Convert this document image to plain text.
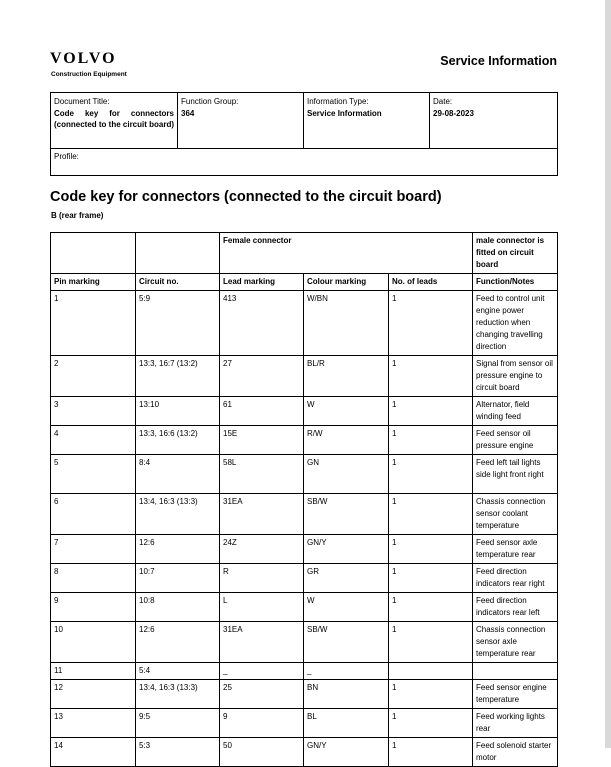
VOLVO
Construction Equipment
Service Information
Document Title:
Code key for connectors (connected to the circuit board)
Function Group:
364
Information Type:
Service Information
Date:
29-08-2023
Profile:
Code key for connectors (connected to the circuit board)
B (rear frame)
		Female connector			male connector is fitted on circuit board
Pin marking	Circuit no.	Lead marking	Colour marking	No. of leads	Function/Notes
1	5:9	413	W/BN	1	Feed to control unit engine power reduction when changing travelling direction
2	13:3, 16:7 (13:2)	27	BL/R	1	Signal from sensor oil pressure engine to circuit board
3	13:10	61	W	1	Alternator, field winding feed
4	13:3, 16:6 (13:2)	15E	R/W	1	Feed sensor oil pressure engine
5	8:4	58L	GN	1	Feed left tail lights side light front right
6	13:4, 16:3 (13:3)	31EA	SB/W	1	Chassis connection sensor coolant temperature
7	12:6	24Z	GN/Y	1	Feed sensor axle temperature rear
8	10:7	R	GR	1	Feed direction indicators rear right
9	10:8	L	W	1	Feed direction indicators rear left
10	12:6	31EA	SB/W	1	Chassis connection sensor axle temperature rear
11	5:4	_	_		
12	13:4, 16:3 (13:3)	25	BN	1	Feed sensor engine temperature
13	9:5	9	BL	1	Feed working lights rear
14	5:3	50	GN/Y	1	Feed solenoid starter motor
